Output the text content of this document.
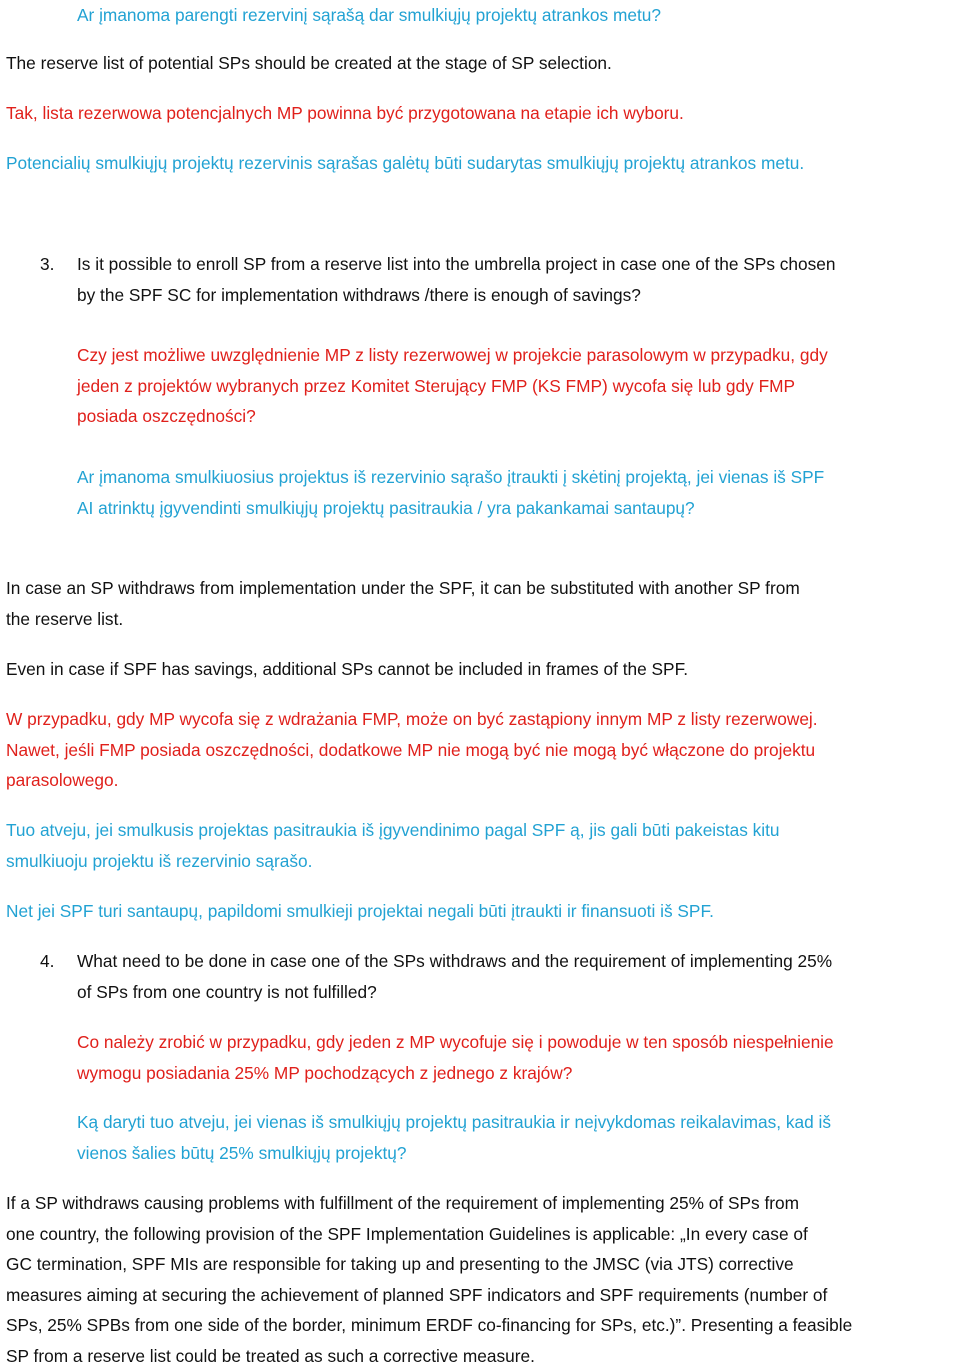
Ar įmanoma parengti rezervinį sąrašą dar smulkiųjų projektų atrankos metu?

The reserve list of potential SPs should be created at the stage of SP selection.

Tak, lista rezerwowa potencjalnych MP powinna być przygotowana na etapie ich wyboru.

Potencialių smulkiųjų projektų rezervinis sąrašas galėtų būti sudarytas smulkiųjų projektų atrankos metu.

3. Is it possible to enroll SP from a reserve list into the umbrella project in case one of the SPs chosen
by the SPF SC for implementation withdraws /there is enough of savings?

Czy jest możliwe uwzględnienie MP z listy rezerwowej w projekcie parasolowym w przypadku, gdy
jeden z projektów wybranych przez Komitet Sterujący FMP (KS FMP) wycofa się lub gdy FMP
posiada oszczędności?

Ar įmanoma smulkiuosius projektus iš rezervinio sąrašo įtraukti į skėtinį projektą, jei vienas iš SPF
AI atrinktų įgyvendinti smulkiųjų projektų pasitraukia / yra pakankamai santaupų?

In case an SP withdraws from implementation under the SPF, it can be substituted with another SP from
the reserve list.

Even in case if SPF has savings, additional SPs cannot be included in frames of the SPF.

W przypadku, gdy MP wycofa się z wdrażania FMP, może on być zastąpiony innym MP z listy rezerwowej.
Nawet, jeśli FMP posiada oszczędności, dodatkowe MP nie mogą być nie mogą być włączone do projektu
parasolowego.

Tuo atveju, jei smulkusis projektas pasitraukia iš įgyvendinimo pagal SPF ą, jis gali būti pakeistas kitu
smulkiuoju projektu iš rezervinio sąrašo.

Net jei SPF turi santaupų, papildomi smulkieji projektai negali būti įtraukti ir finansuoti iš SPF.

4. What need to be done in case one of the SPs withdraws and the requirement of implementing 25%
of SPs from one country is not fulfilled?

Co należy zrobić w przypadku, gdy jeden z MP wycofuje się i powoduje w ten sposób niespełnienie
wymogu posiadania 25% MP pochodzących z jednego z krajów?

Ką daryti tuo atveju, jei vienas iš smulkiųjų projektų pasitraukia ir neįvykdomas reikalavimas, kad iš
vienos šalies būtų 25% smulkiųjų projektų?

If a SP withdraws causing problems with fulfillment of the requirement of implementing 25% of SPs from
one country, the following provision of the SPF Implementation Guidelines is applicable: „In every case of
GC termination, SPF MIs are responsible for taking up and presenting to the JMSC (via JTS) corrective
measures aiming at securing the achievement of planned SPF indicators and SPF requirements (number of
SPs, 25% SPBs from one side of the border, minimum ERDF co-financing for SPs, etc.)”. Presenting a feasible
SP from a reserve list could be treated as such a corrective measure.
